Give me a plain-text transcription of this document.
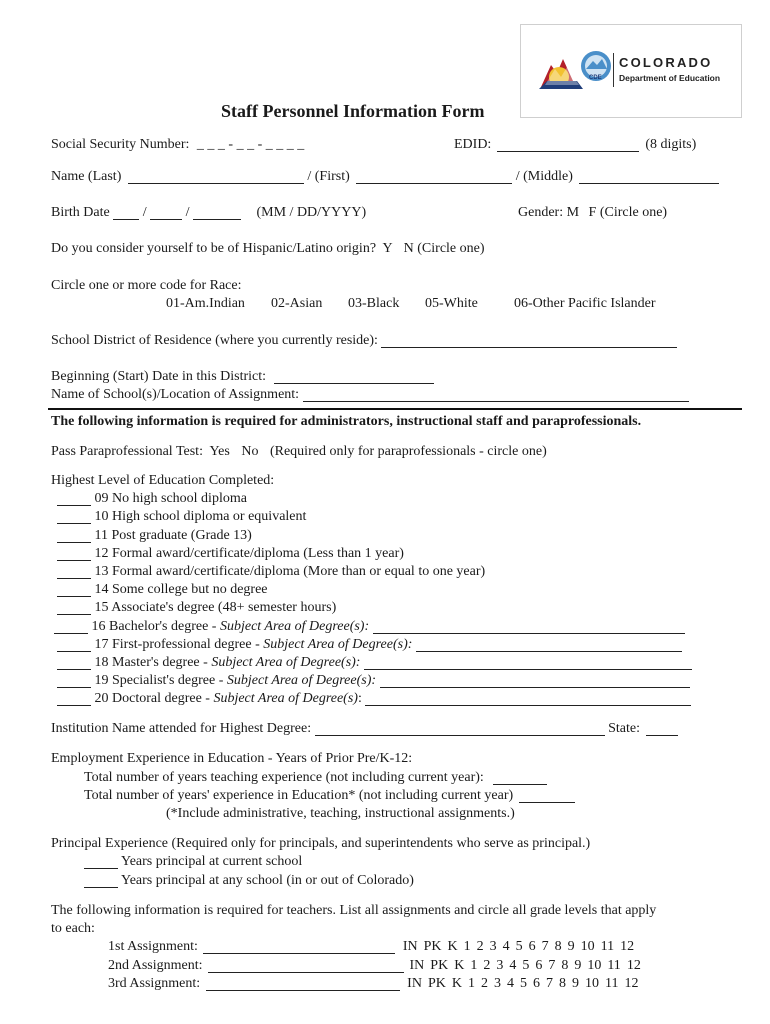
CDE
COLORADO
Department of Education
Staff Personnel Information Form
Social Security Number: _ _ _ - _ _ - _ _ _ _	EDID:	(8 digits)
Name (Last)	/ (First)	/ (Middle)
Birth Date /	/	(MM / DD/YYYY)	Gender: M F (Circle one)
Do you consider yourself to be of Hispanic/Latino origin? Y N (Circle one)
Circle one or more code for Race:
01-Am.Indian 02-Asian 03-Black 05-White	06-Other Pacific Islander
School District of Residence (where you currently reside):
Beginning (Start) Date in this District:
Name of School(s)/Location of Assignment:
The following information is required for administrators, instructional staff and paraprofessionals.
Pass Paraprofessional Test: Yes No (Required only for paraprofessionals - circle one)
Highest Level of Education Completed:
09 No high school diploma
10 High school diploma or equivalent
11 Post graduate (Grade 13)
12 Formal award/certificate/diploma (Less than 1 year)
13 Formal award/certificate/diploma (More than or equal to one year)
14 Some college but no degree
15 Associate's degree (48+ semester hours)
16 Bachelor's degree - Subject Area of Degree(s):
17 First-professional degree - Subject Area of Degree(s):
18 Master's degree - Subject Area of Degree(s):
19 Specialist's degree - Subject Area of Degree(s):
20 Doctoral degree - Subject Area of Degree(s):
Institution Name attended for Highest Degree:	State:
Employment Experience in Education - Years of Prior Pre/K-12:
Total number of years teaching experience (not including current year):
Total number of years' experience in Education* (not including current year)
(*Include administrative, teaching, instructional assignments.)
Principal Experience (Required only for principals, and superintendents who serve as principal.)
Years principal at current school
Years principal at any school (in or out of Colorado)
The following information is required for teachers. List all assignments and circle all grade levels that apply
to each:
1st Assignment:	IN PK K 1 2 3 4 5 6 7 8 9 10 11 12
2nd Assignment:	IN PK K 1 2 3 4 5 6 7 8 9 10 11 12
3rd Assignment:	IN PK K 1 2 3 4 5 6 7 8 9 10 11 12
